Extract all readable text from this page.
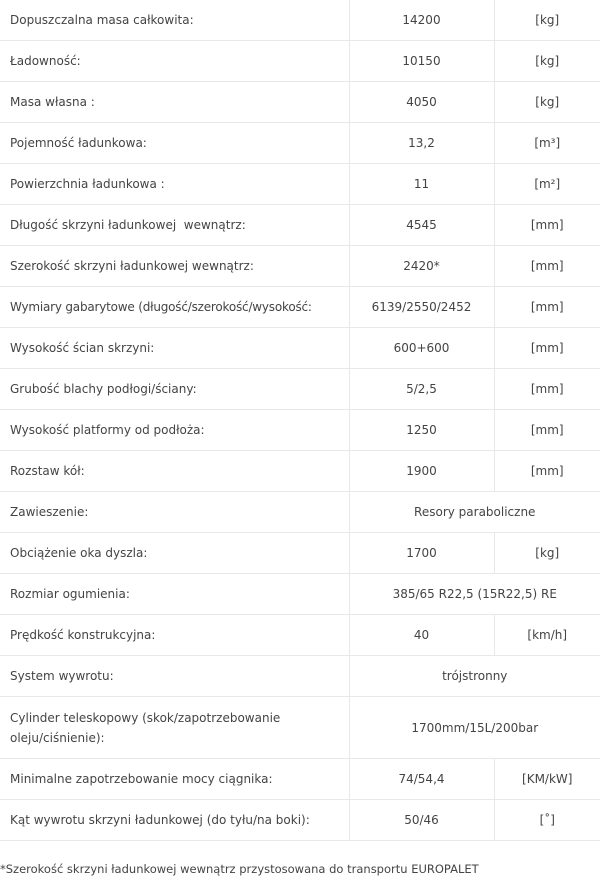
Dopuszczalna masa całkowita:	14200	[kg]
Ładowność:	10150	[kg]
Masa własna :	4050	[kg]
Pojemność ładunkowa:	13,2	[m³]
Powierzchnia ładunkowa :	11	[m²]
Długość skrzyni ładunkowej  wewnątrz:	4545	[mm]
Szerokość skrzyni ładunkowej wewnątrz:	2420*	[mm]
Wymiary gabarytowe (długość/szerokość/wysokość:	6139/2550/2452	[mm]
Wysokość ścian skrzyni:	600+600	[mm]
Grubość blachy podłogi/ściany:	5/2,5	[mm]
Wysokość platformy od podłoża:	1250	[mm]
Rozstaw kół:	1900	[mm]
Zawieszenie:	Resory paraboliczne	
Obciążenie oka dyszla:	1700	[kg]
Rozmiar ogumienia:	385/65 R22,5 (15R22,5) RE	
Prędkość konstrukcyjna:	40	[km/h]
System wywrotu:	trójstronny	
Cylinder teleskopowy (skok/zapotrzebowanie oleju/ciśnienie):	1700mm/15L/200bar	
Minimalne zapotrzebowanie mocy ciągnika:	74/54,4	[KM/kW]
Kąt wywrotu skrzyni ładunkowej (do tyłu/na boki):	50/46	[˚]
*Szerokość skrzyni ładunkowej wewnątrz przystosowana do transportu EUROPALET
